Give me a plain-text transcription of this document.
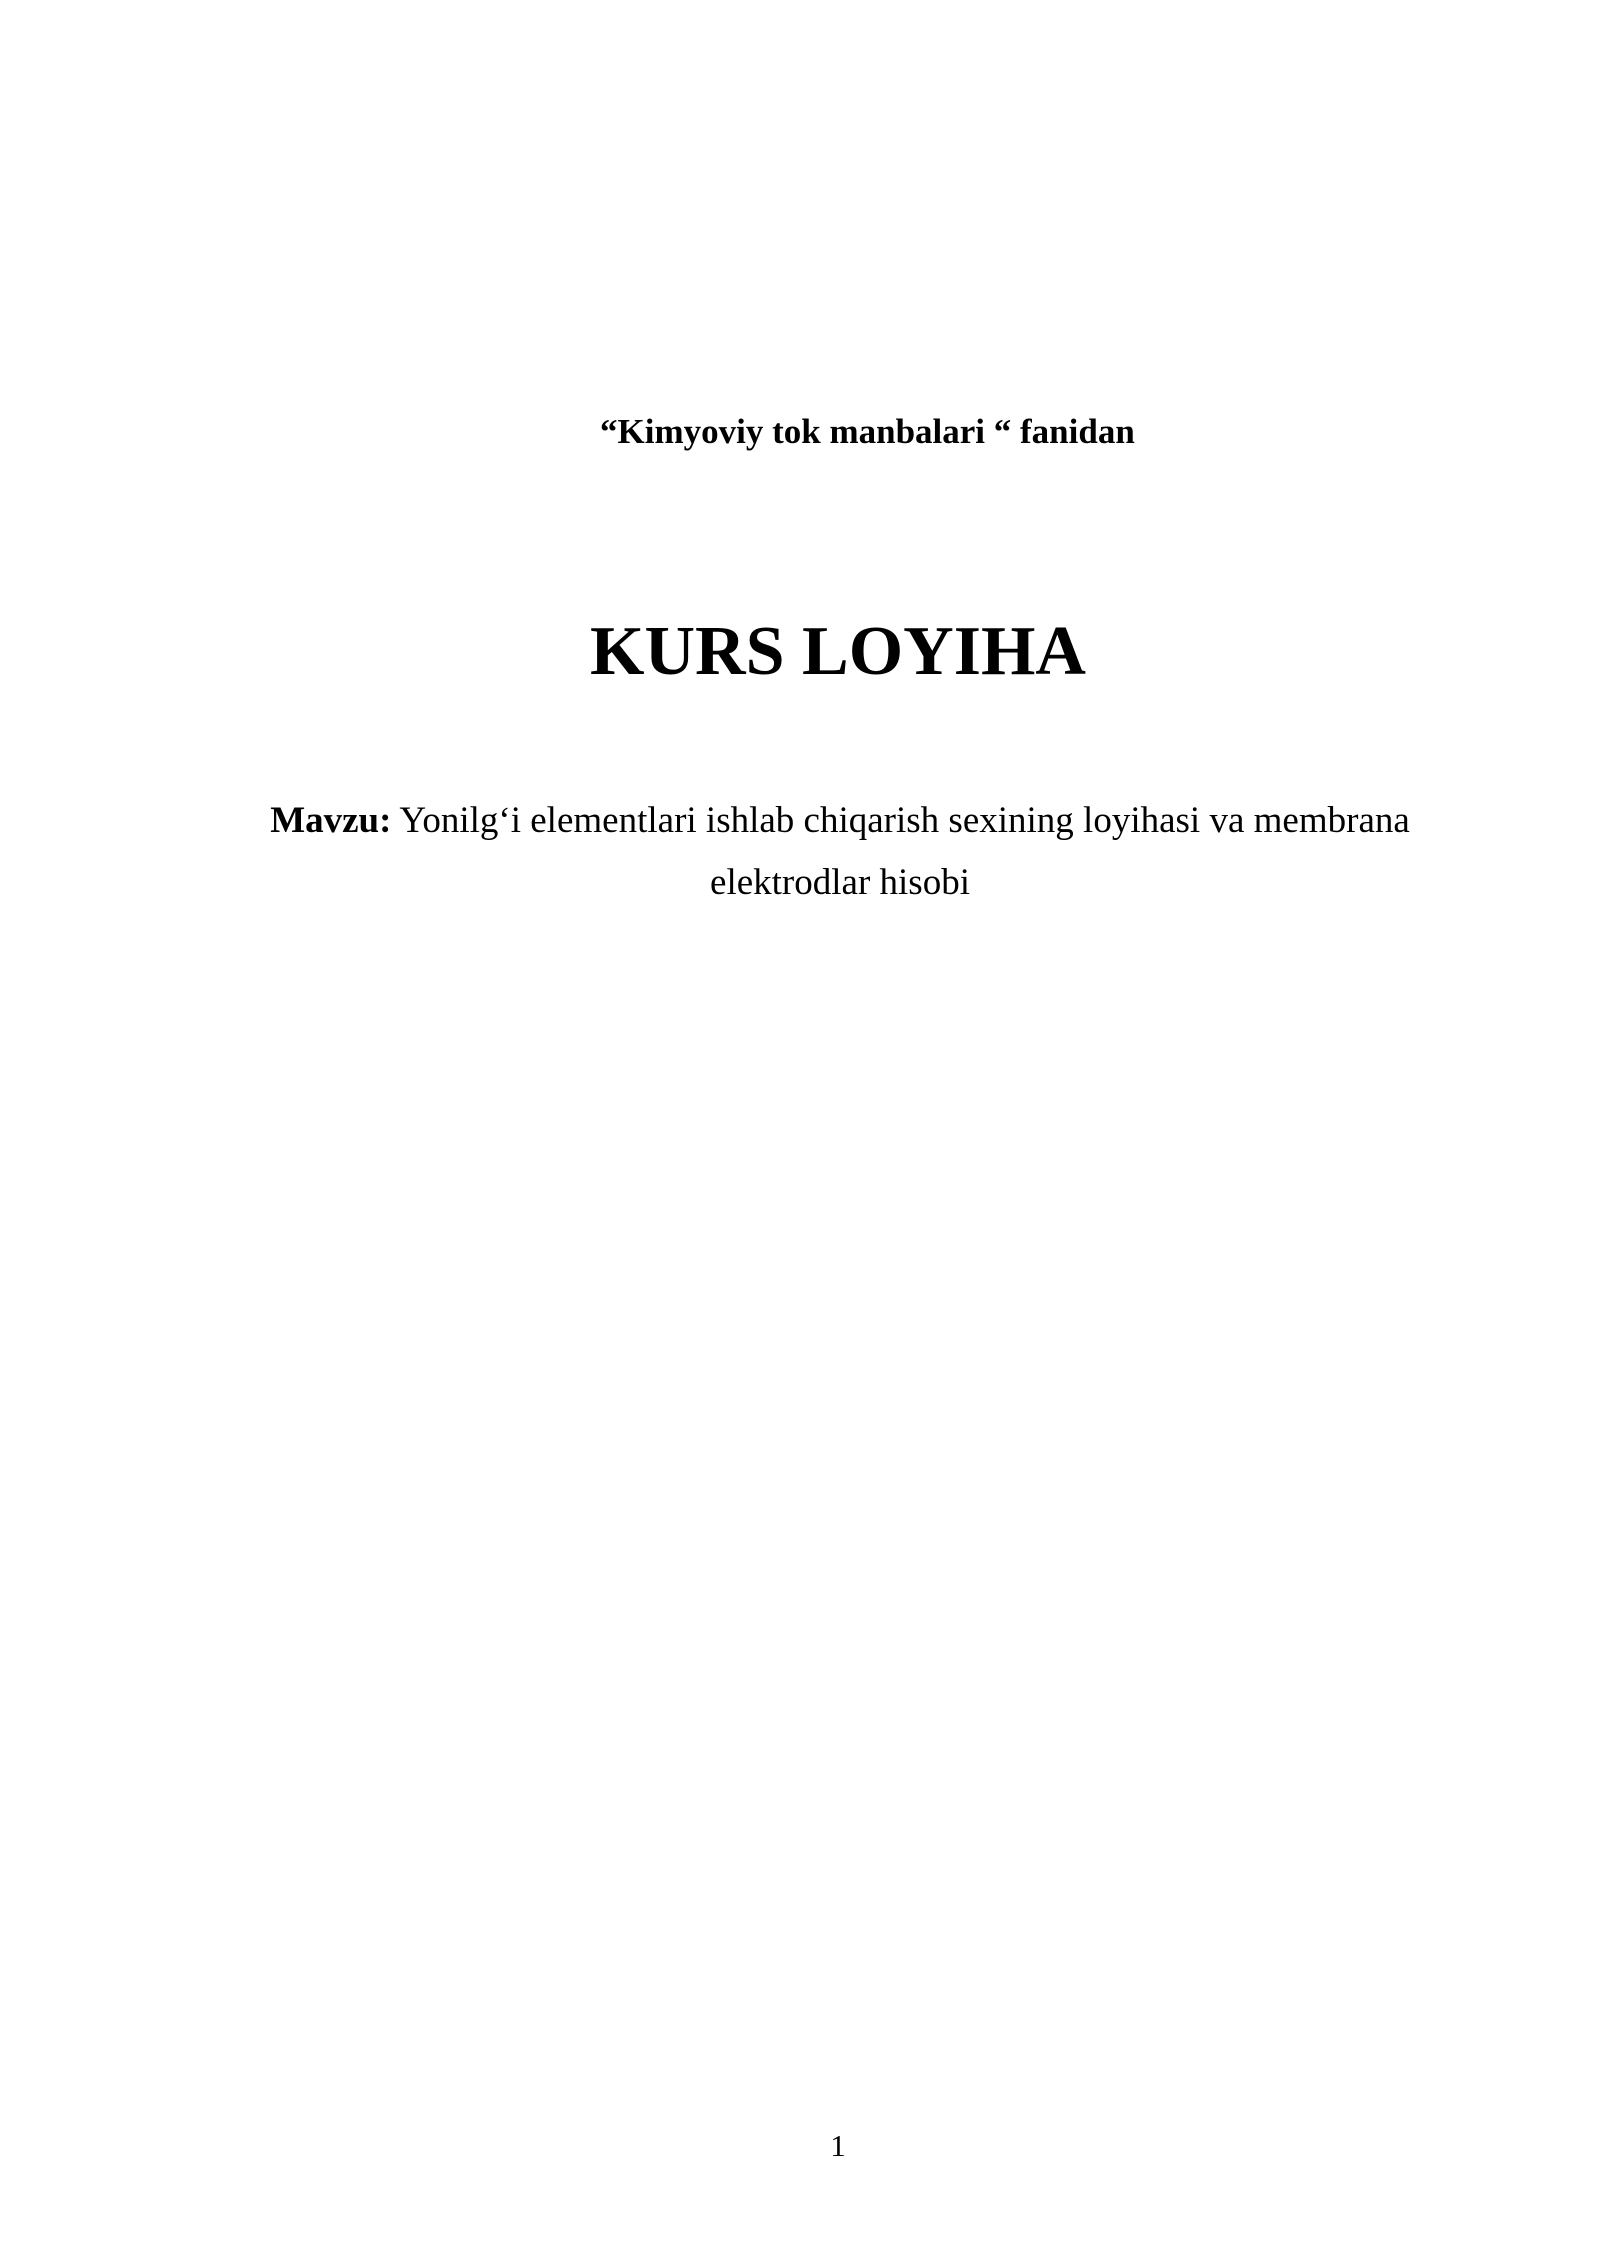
“Kimyoviy tok manbalari “ fanidan
KURS LOYIHA
Mavzu: Yonilg‘i elementlari ishlab chiqarish sexining loyihasi va membrana elektrodlar hisobi
1
